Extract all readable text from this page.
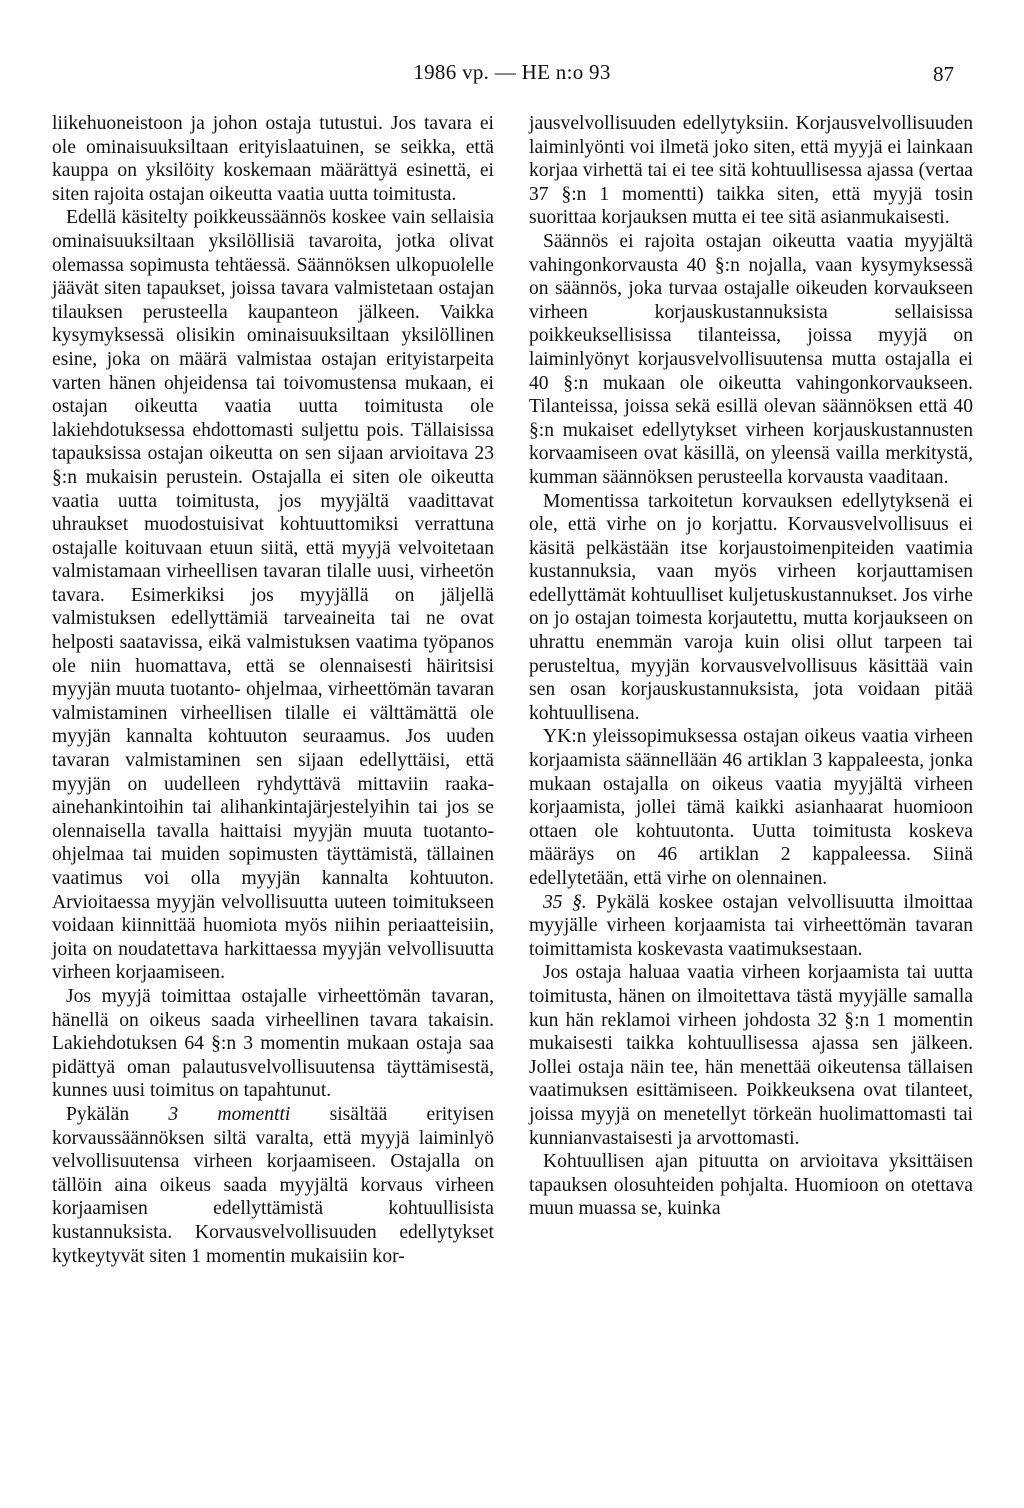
1986 vp. — HE n:o 93	87

liikehuoneistoon ja johon ostaja tutustui. Jos tavara ei ole ominaisuuksiltaan erityislaatuinen, se seikka, että kauppa on yksilöity koskemaan määrättyä esinettä, ei siten rajoita ostajan oikeutta vaatia uutta toimitusta.

Edellä käsitelty poikkeussäännös koskee vain sellaisia ominaisuuksiltaan yksilöllisiä tavaroita, jotka olivat olemassa sopimusta tehtäessä. Säännöksen ulkopuolelle jäävät siten tapaukset, joissa tavara valmistetaan ostajan tilauksen perusteella kaupanteon jälkeen. Vaikka kysymyksessä olisikin ominaisuuksiltaan yksilöllinen esine, joka on määrä valmistaa ostajan erityistarpeita varten hänen ohjeidensa tai toivomustensa mukaan, ei ostajan oikeutta vaatia uutta toimitusta ole lakiehdotuksessa ehdottomasti suljettu pois. Tällaisissa tapauksissa ostajan oikeutta on sen sijaan arvioitava 23 §:n mukaisin perustein. Ostajalla ei siten ole oikeutta vaatia uutta toimitusta, jos myyjältä vaadittavat uhraukset muodostuisivat kohtuuttomiksi verrattuna ostajalle koituvaan etuun siitä, että myyjä velvoitetaan valmistamaan virheellisen tavaran tilalle uusi, virheetön tavara. Esimerkiksi jos myyjällä on jäljellä valmistuksen edellyttämiä tarveaineita tai ne ovat helposti saatavissa, eikä valmistuksen vaatima työpanos ole niin huomattava, että se olennaisesti häiritsisi myyjän muuta tuotanto- ohjelmaa, virheettömän tavaran valmistaminen virheellisen tilalle ei välttämättä ole myyjän kannalta kohtuuton seuraamus. Jos uuden tavaran valmistaminen sen sijaan edellyttäisi, että myyjän on uudelleen ryhdyttävä mittaviin raaka-ainehankintoihin tai alihankintajärjestelyihin tai jos se olennaisella tavalla haittaisi myyjän muuta tuotanto-ohjelmaa tai muiden sopimusten täyttämistä, tällainen vaatimus voi olla myyjän kannalta kohtuuton. Arvioitaessa myyjän velvollisuutta uuteen toimitukseen voidaan kiinnittää huomiota myös niihin periaatteisiin, joita on noudatettava harkittaessa myyjän velvollisuutta virheen korjaamiseen.

Jos myyjä toimittaa ostajalle virheettömän tavaran, hänellä on oikeus saada virheellinen tavara takaisin. Lakiehdotuksen 64 §:n 3 momentin mukaan ostaja saa pidättyä oman palautusvelvollisuutensa täyttämisestä, kunnes uusi toimitus on tapahtunut.

Pykälän 3 momentti sisältää erityisen korvaussäännöksen siltä varalta, että myyjä laiminlyö velvollisuutensa virheen korjaamiseen. Ostajalla on tällöin aina oikeus saada myyjältä korvaus virheen korjaamisen edellyttämistä kohtuullisista kustannuksista. Korvausvelvollisuuden edellytykset kytkeytyvät siten 1 momentin mukaisiin kor-

jausvelvollisuuden edellytyksiin. Korjausvelvollisuuden laiminlyönti voi ilmetä joko siten, että myyjä ei lainkaan korjaa virhettä tai ei tee sitä kohtuullisessa ajassa (vertaa 37 §:n 1 momentti) taikka siten, että myyjä tosin suorittaa korjauksen mutta ei tee sitä asianmukaisesti.

Säännös ei rajoita ostajan oikeutta vaatia myyjältä vahingonkorvausta 40 §:n nojalla, vaan kysymyksessä on säännös, joka turvaa ostajalle oikeuden korvaukseen virheen korjauskustannuksista sellaisissa poikkeuksellisissa tilanteissa, joissa myyjä on laiminlyönyt korjausvelvollisuutensa mutta ostajalla ei 40 §:n mukaan ole oikeutta vahingonkorvaukseen. Tilanteissa, joissa sekä esillä olevan säännöksen että 40 §:n mukaiset edellytykset virheen korjauskustannusten korvaamiseen ovat käsillä, on yleensä vailla merkitystä, kumman säännöksen perusteella korvausta vaaditaan.

Momentissa tarkoitetun korvauksen edellytyksenä ei ole, että virhe on jo korjattu. Korvausvelvollisuus ei käsitä pelkästään itse korjaustoimenpiteiden vaatimia kustannuksia, vaan myös virheen korjauttamisen edellyttämät kohtuulliset kuljetuskustannukset. Jos virhe on jo ostajan toimesta korjautettu, mutta korjaukseen on uhrattu enemmän varoja kuin olisi ollut tarpeen tai perusteltua, myyjän korvausvelvollisuus käsittää vain sen osan korjauskustannuksista, jota voidaan pitää kohtuullisena.

YK:n yleissopimuksessa ostajan oikeus vaatia virheen korjaamista säännellään 46 artiklan 3 kappaleesta, jonka mukaan ostajalla on oikeus vaatia myyjältä virheen korjaamista, jollei tämä kaikki asianhaarat huomioon ottaen ole kohtuutonta. Uutta toimitusta koskeva määräys on 46 artiklan 2 kappaleessa. Siinä edellytetään, että virhe on olennainen.

35 §. Pykälä koskee ostajan velvollisuutta ilmoittaa myyjälle virheen korjaamista tai virheettömän tavaran toimittamista koskevasta vaatimuksestaan.

Jos ostaja haluaa vaatia virheen korjaamista tai uutta toimitusta, hänen on ilmoitettava tästä myyjälle samalla kun hän reklamoi virheen johdosta 32 §:n 1 momentin mukaisesti taikka kohtuullisessa ajassa sen jälkeen. Jollei ostaja näin tee, hän menettää oikeutensa tällaisen vaatimuksen esittämiseen. Poikkeuksena ovat tilanteet, joissa myyjä on menetellyt törkeän huolimattomasti tai kunnianvastaisesti ja arvottomasti.

Kohtuullisen ajan pituutta on arvioitava yksittäisen tapauksen olosuhteiden pohjalta. Huomioon on otettava muun muassa se, kuinka
